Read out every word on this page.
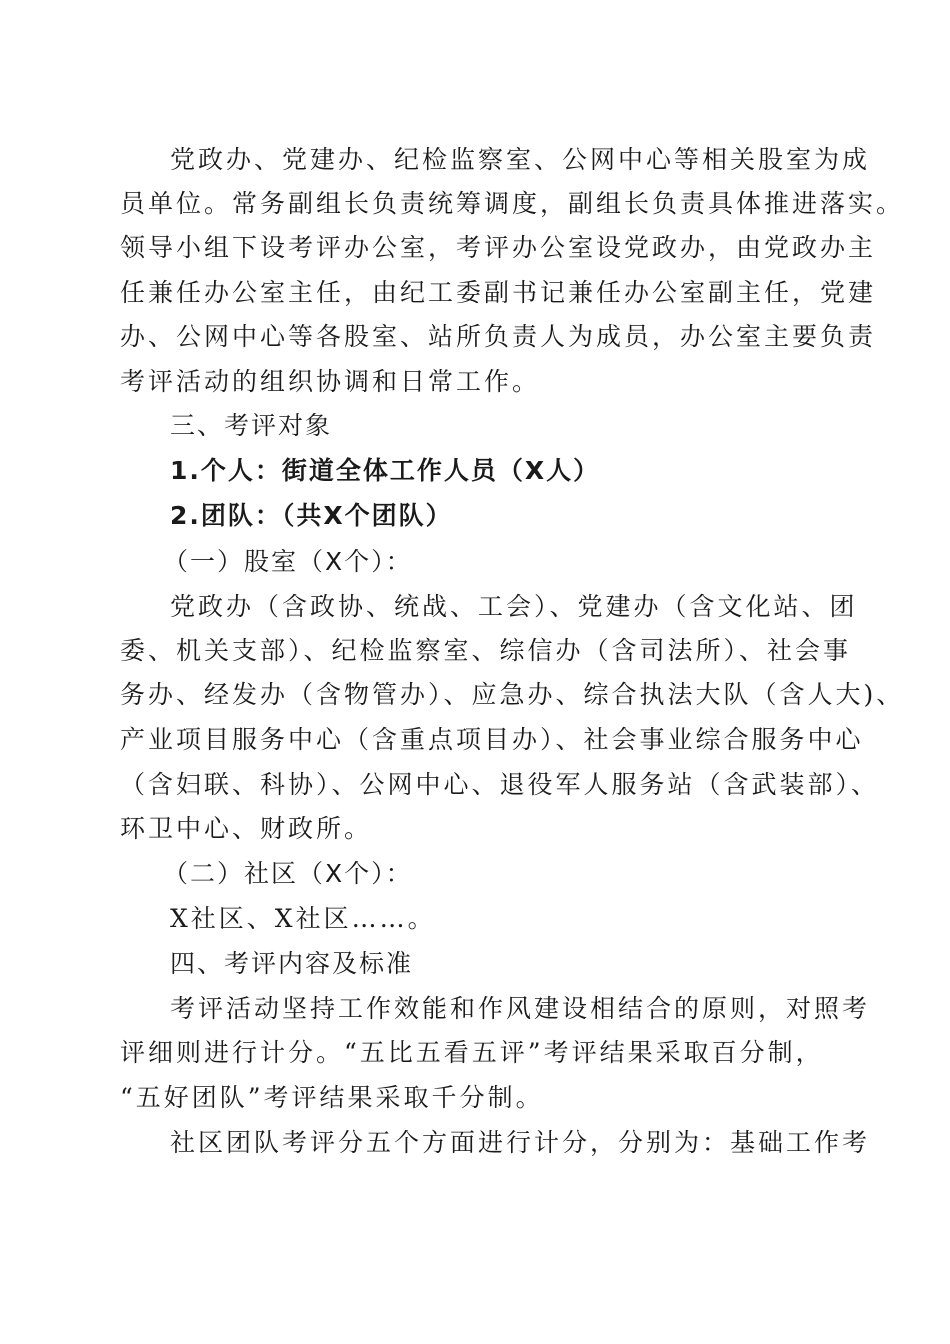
党政办、党建办、纪检监察室、公网中心等相关股室为成
员单位。常务副组长负责统筹调度，副组长负责具体推进落实。
领导小组下设考评办公室，考评办公室设党政办，由党政办主
任兼任办公室主任，由纪工委副书记兼任办公室副主任，党建
办、公网中心等各股室、站所负责人为成员，办公室主要负责
考评活动的组织协调和日常工作。
三、考评对象
1.个人：街道全体工作人员（X人）
2.团队：（共X个团队）
（一）股室（X个）：
党政办（含政协、统战、工会）、党建办（含文化站、团
委、机关支部）、纪检监察室、综信办（含司法所）、社会事
务办、经发办（含物管办）、应急办、综合执法大队（含人大)、
产业项目服务中心（含重点项目办）、社会事业综合服务中心
（含妇联、科协）、公网中心、退役军人服务站（含武装部）、
环卫中心、财政所。
（二）社区（X个）：
X社区、X社区……。
四、考评内容及标准
考评活动坚持工作效能和作风建设相结合的原则，对照考
评细则进行计分。“五比五看五评”考评结果采取百分制，
“五好团队”考评结果采取千分制。
社区团队考评分五个方面进行计分，分别为：基础工作考
